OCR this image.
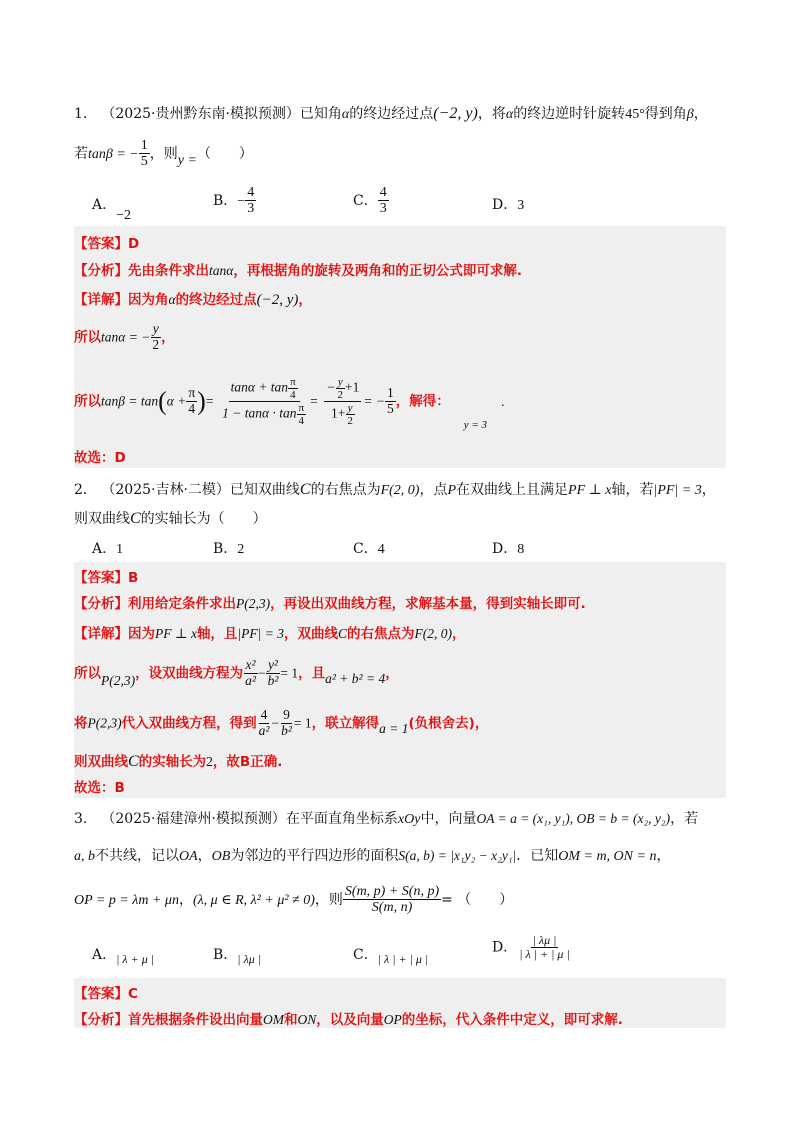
1． （2025·贵州黔东南·模拟预测）已知角α的终边经过点(−2, y)，将α的终边逆时针旋转45°得到角β，
若tanβ = − $\frac{1}{5}$ ，则y =（　　）
A．−2
B．− $\frac{4}{3}$	C． $\frac{4}{3}$	D．3
【答案】D
【分析】先由条件求出tanα，再根据角的旋转及两角和的正切公式即可求解.
【详解】因为角α的终边经过点(−2, y)，
所以tanα = − $\frac{y}{2}$ ，
所以$\tan\beta = \tan(\alpha + \frac{\pi}{4}$ )= $\frac{\tan\alpha + \tan \frac{\pi}{4}}{1 - \tan\alpha \cdot \tan \frac{\pi}{4}} = \frac{- \frac{y}{2} +1}{1+ \frac{y}{2}}$ = − $\frac{1}{5}$ ，解得：$_{y = 3}$.
故选：D
2． （2025·吉林·二模）已知双曲线C的右焦点为F(2, 0)，点P在双曲线上且满足PF ⊥ x轴，若|PF| = 3，
则双曲线C的实轴长为（　　）
A．1	B．2	C．4	D．8
【答案】B
【分析】利用给定条件求出P(2,3)，再设出双曲线方程，求解基本量，得到实轴长即可.
【详解】因为PF ⊥ x轴，且|PF| = 3，双曲线C的右焦点为F(2, 0)，
所以P(2,3)，设双曲线方程为 $\frac{\text{x²}}{\text{a²}} - \frac{\text{y²}}{\text{b²}} = 1$，且a² + b² = 4，
将P(2,3)代入双曲线方程，得到 $\frac{4}{\text{a²}} - \frac{9}{\text{b²}} = 1$，联立解得a = 1(负根舍去)，
则双曲线C的实轴长为2，故B正确.
故选：B
3． （2025·福建漳州·模拟预测）在平面直角坐标系xOy中，向量OA = a = (x₁, y₁), OB = b = (x₂, y₂)，若
a, b不共线，记以OA，OB为邻边的平行四边形的面积S(a, b) = |x₁y₂ − x₂y₁|．已知OM = m, ON = n，
OP = p = λm + μn，(λ, μ ∈ R, λ² + μ² ≠ 0)，则 $\frac{S(m, p) + S(n, p)}{S(m, n)}$ = （　　）
A．| λ + μ |	B．| λμ |	C．| λ | + | μ |
D． $\frac{| \lambda\mu |}{| \lambda | + | \mu |}$
【答案】C
【分析】首先根据条件设出向量OM和ON，以及向量OP的坐标，代入条件中定义，即可求解.
